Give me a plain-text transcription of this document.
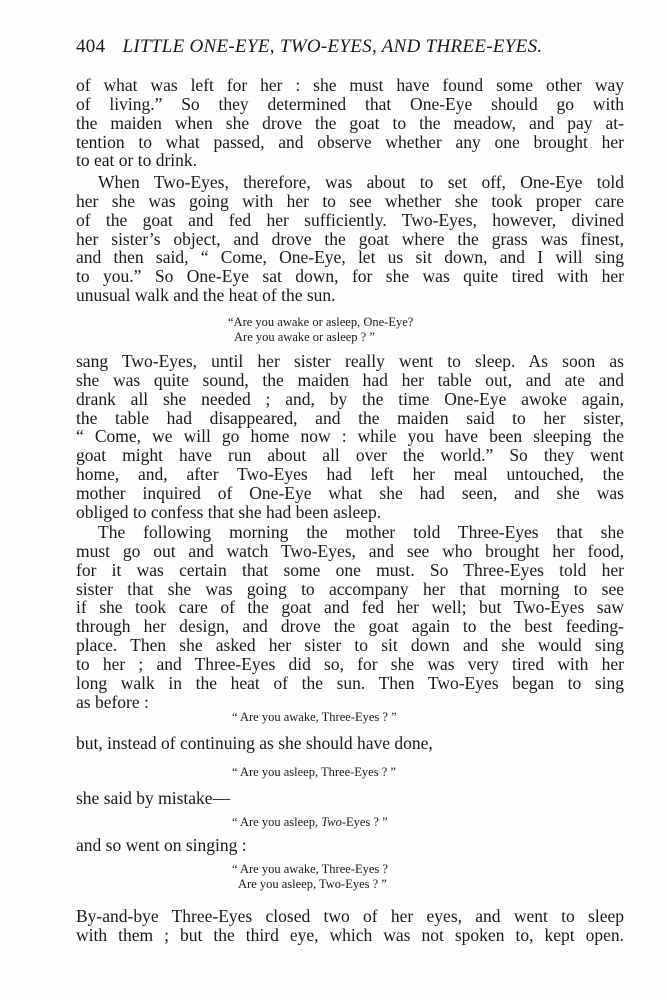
404 LITTLE ONE-EYE, TWO-EYES, AND THREE-EYES.
of what was left for her : she must have found some other way
of living.” So they determined that One-Eye should go with
the maiden when she drove the goat to the meadow, and pay at-
tention to what passed, and observe whether any one brought her
to eat or to drink.
When Two-Eyes, therefore, was about to set off, One-Eye told
her she was going with her to see whether she took proper care
of the goat and fed her sufficiently. Two-Eyes, however, divined
her sister’s object, and drove the goat where the grass was finest,
and then said, “ Come, One-Eye, let us sit down, and I will sing
to you.” So One-Eye sat down, for she was quite tired with her
unusual walk and the heat of the sun.
“Are you awake or asleep, One-Eye?
Are you awake or asleep ? ”
sang Two-Eyes, until her sister really went to sleep. As soon as
she was quite sound, the maiden had her table out, and ate and
drank all she needed ; and, by the time One-Eye awoke again,
the table had disappeared, and the maiden said to her sister,
“ Come, we will go home now : while you have been sleeping the
goat might have run about all over the world.” So they went
home, and, after Two-Eyes had left her meal untouched, the
mother inquired of One-Eye what she had seen, and she was
obliged to confess that she had been asleep.
The following morning the mother told Three-Eyes that she
must go out and watch Two-Eyes, and see who brought her food,
for it was certain that some one must. So Three-Eyes told her
sister that she was going to accompany her that morning to see
if she took care of the goat and fed her well; but Two-Eyes saw
through her design, and drove the goat again to the best feeding-
place. Then she asked her sister to sit down and she would sing
to her ; and Three-Eyes did so, for she was very tired with her
long walk in the heat of the sun. Then Two-Eyes began to sing
as before :
“ Are you awake, Three-Eyes ? ”
but, instead of continuing as she should have done,
“ Are you asleep, Three-Eyes ? ”
she said by mistake—
“ Are you asleep, Two-Eyes ? ”
and so went on singing :
“ Are you awake, Three-Eyes ?
Are you asleep, Two-Eyes ? ”
By-and-bye Three-Eyes closed two of her eyes, and went to sleep
with them ; but the third eye, which was not spoken to, kept open.
